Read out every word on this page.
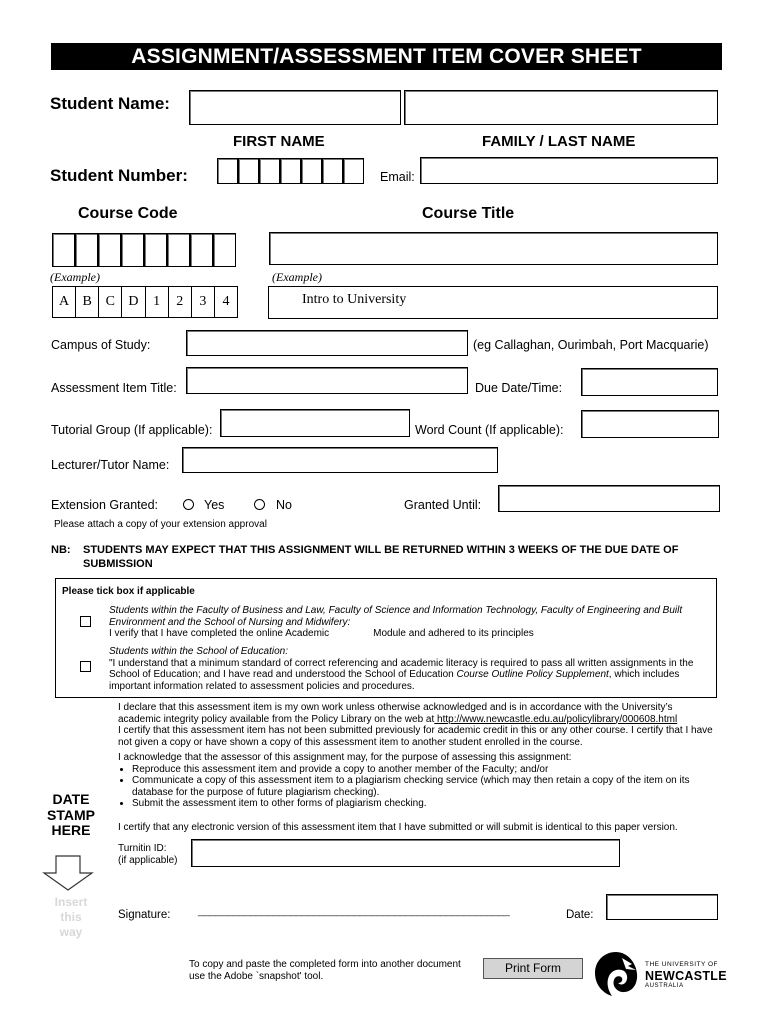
ASSIGNMENT/ASSESSMENT ITEM COVER SHEET
Student Name:
FIRST NAME	FAMILY / LAST NAME
Student Number:	Email:
Course Code	Course Title
(Example)	(Example)
A B C D	1	2	3	4	Intro to University
Campus of Study:	(eg Callaghan, Ourimbah, Port Macquarie)
Assessment Item Title:	Due Date/Time:
Tutorial Group (If applicable):	Word Count (If applicable):
Lecturer/Tutor Name:
Extension Granted:	Yes	No	Granted Until:
Please attach a copy of your extension approval
NB: STUDENTS MAY EXPECT THAT THIS ASSIGNMENT WILL BE RETURNED WITHIN 3 WEEKS OF THE DUE DATE OF SUBMISSION
Please tick box if applicable

Students within the Faculty of Business and Law, Faculty of Science and Information Technology, Faculty of Engineering and Built Environment and the School of Nursing and Midwifery:

I verify that I have completed the online Academic	Module and adhered to its principles

Students within the School of Education:

"I understand that a minimum standard of correct referencing and academic literacy is required to pass all written assignments in the School of Education; and I have read and understood the School of Education Course Outline Policy Supplement, which includes important information related to assessment policies and procedures.

I declare that this assessment item is my own work unless otherwise acknowledged and is in accordance with the University’s academic integrity policy available from the Policy Library on the web at http://www.newcastle.edu.au/policylibrary/000608.html

I certify that this assessment item has not been submitted previously for academic credit in this or any other course. I certify that I have not given a copy or have shown a copy of this assessment item to another student enrolled in the course.

I acknowledge that the assessor of this assignment may, for the purpose of assessing this assignment:

• Reproduce this assessment item and provide a copy to another member of the Faculty; and/or
• Communicate a copy of this assessment item to a plagiarism checking service (which may then retain a copy of the item on its database for the purpose of future plagiarism checking).
• Submit the assessment item to other forms of plagiarism checking.

I certify that any electronic version of this assessment item that I have submitted or will submit is identical to this paper version.

DATE
STAMP
HERE
Insert
this
way
Turnitin ID:
(if applicable)
Signature:	______________________________________________________	Date:
To copy and paste the completed form into another document
use the Adobe `snapshot' tool.
Print Form	THE UNIVERSITY OF
NEWCASTLE
AUSTRALIA
